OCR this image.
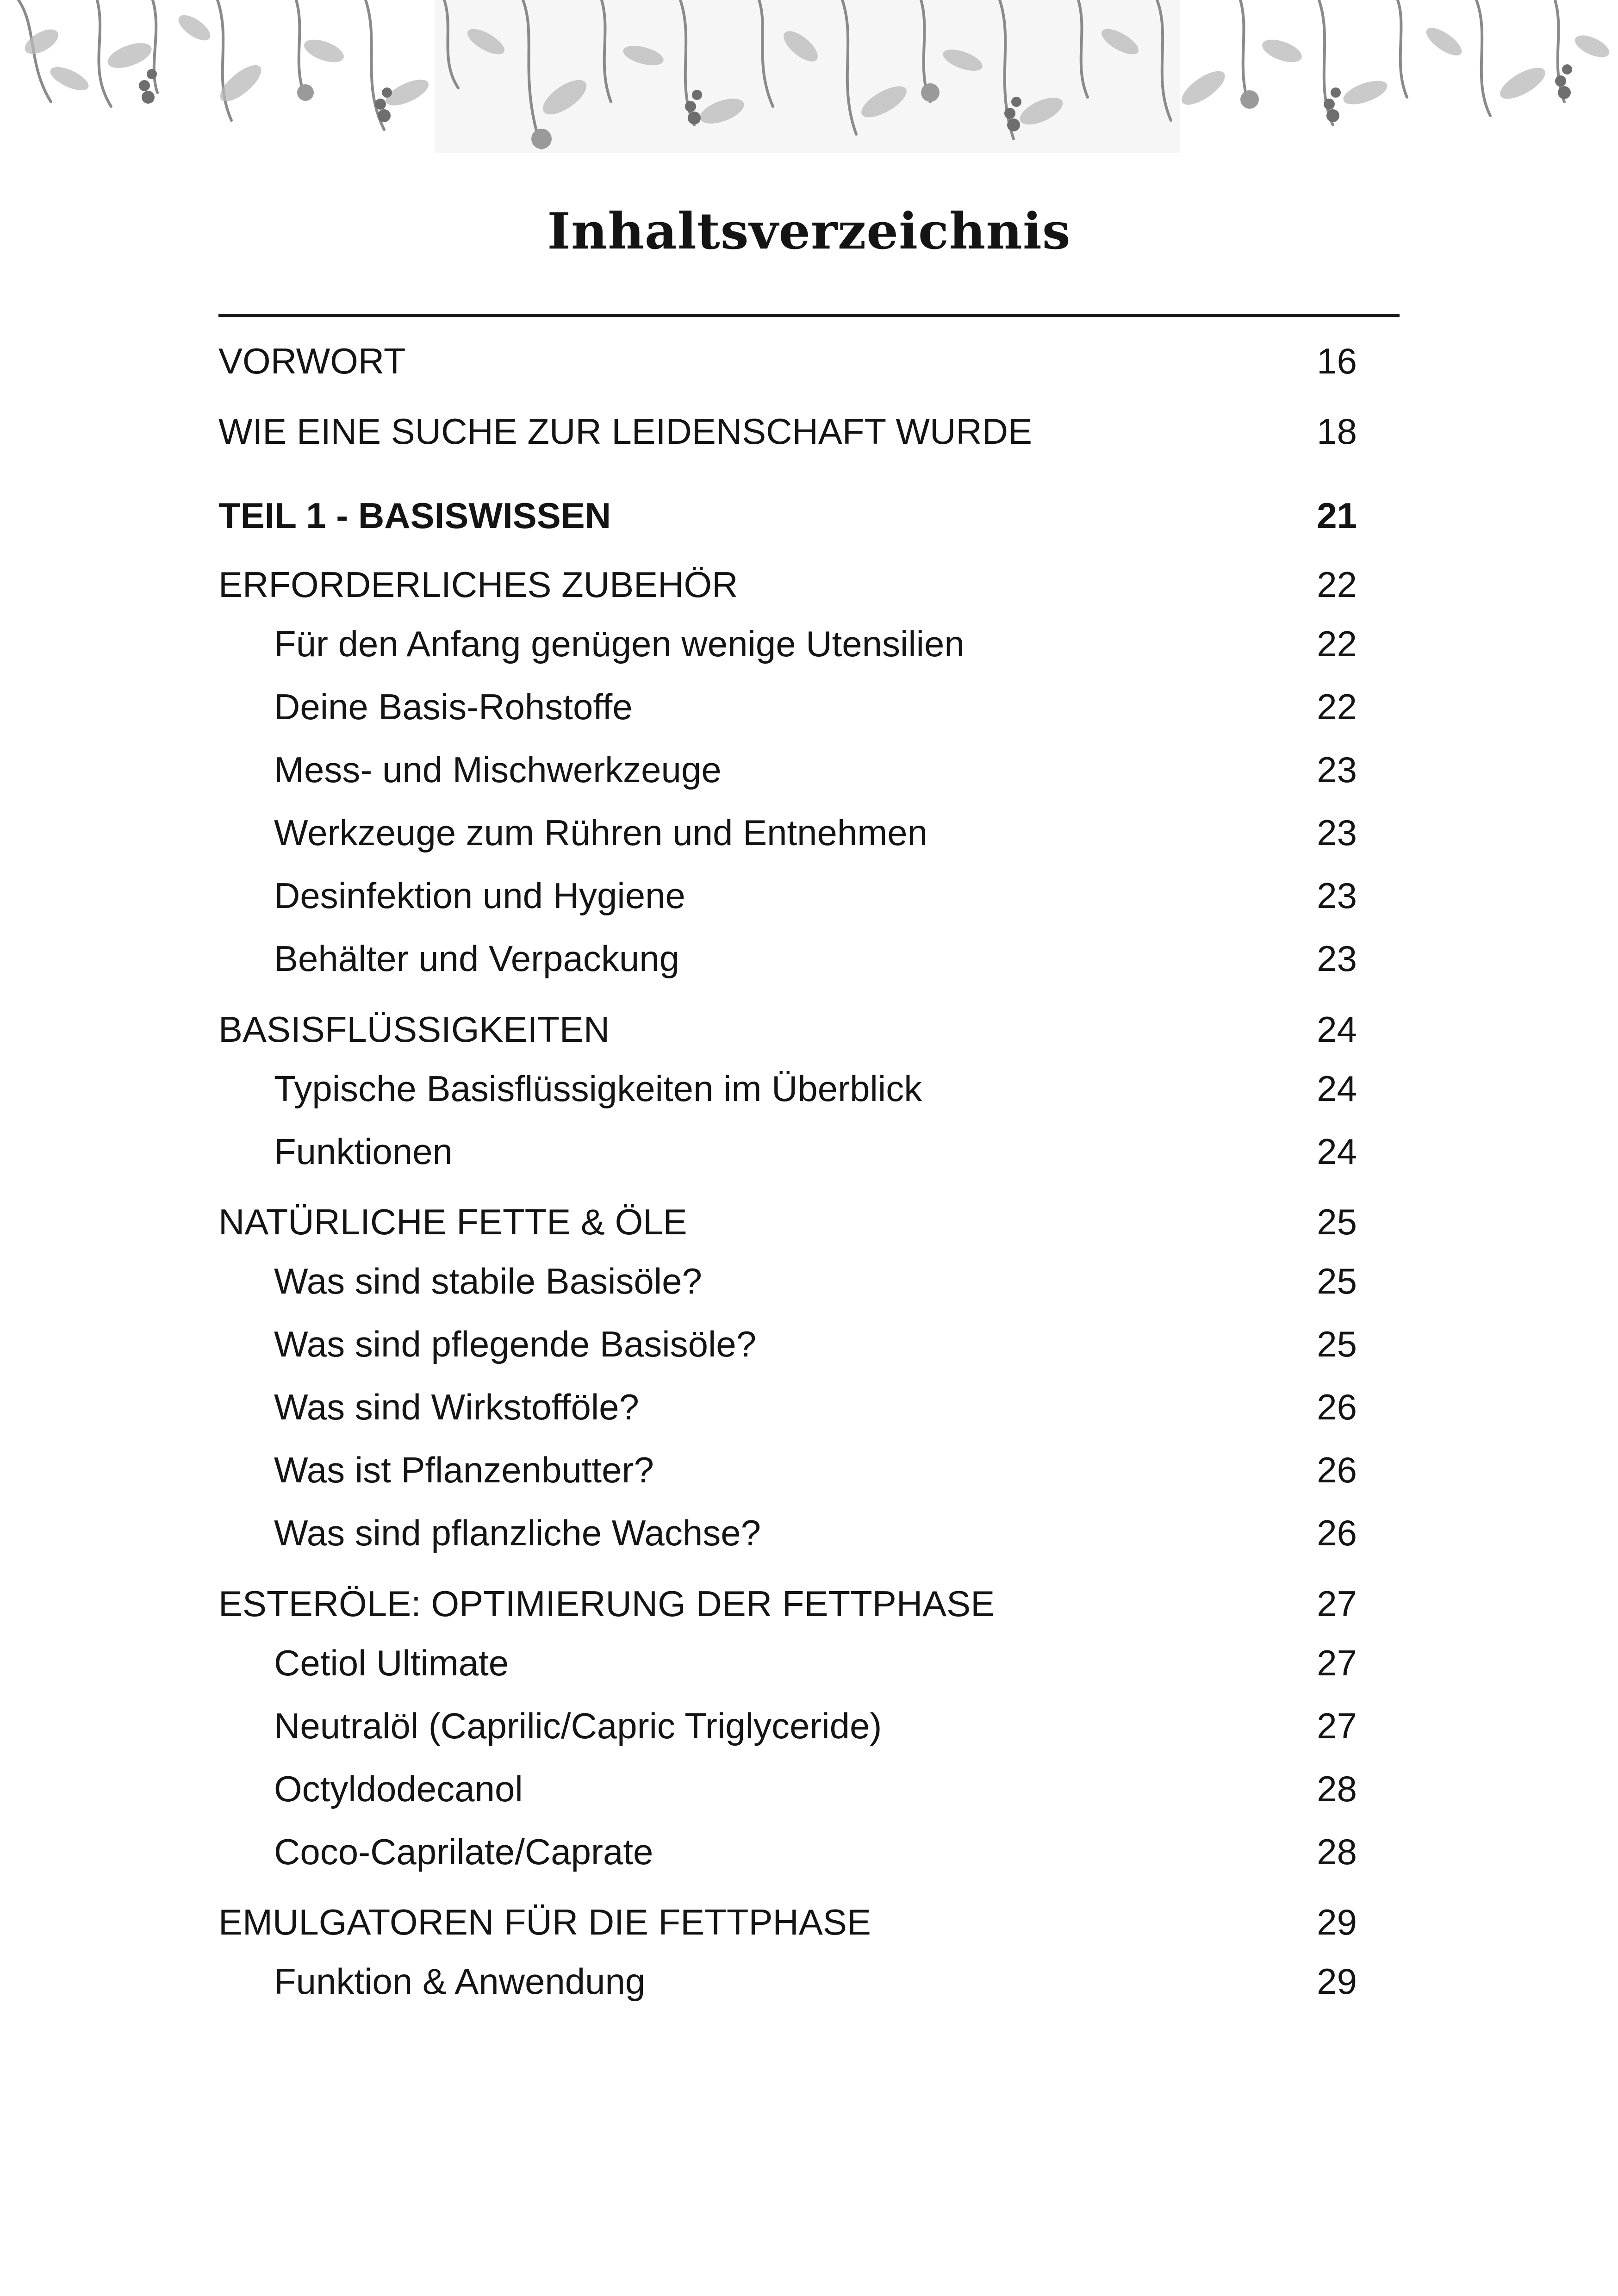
Inhaltsverzeichnis
VORWORT	16
WIE EINE SUCHE ZUR LEIDENSCHAFT WURDE	18
TEIL 1 - BASISWISSEN	21
ERFORDERLICHES ZUBEHÖR	22
Für den Anfang genügen wenige Utensilien	22
Deine Basis-Rohstoffe	22
Mess- und Mischwerkzeuge	23
Werkzeuge zum Rühren und Entnehmen	23
Desinfektion und Hygiene	23
Behälter und Verpackung	23
BASISFLÜSSIGKEITEN	24
Typische Basisflüssigkeiten im Überblick	24
Funktionen	24
NATÜRLICHE FETTE & ÖLE	25
Was sind stabile Basisöle?	25
Was sind pflegende Basisöle?	25
Was sind Wirkstofföle?	26
Was ist Pflanzenbutter?	26
Was sind pflanzliche Wachse?	26
ESTERÖLE: OPTIMIERUNG DER FETTPHASE	27
Cetiol Ultimate	27
Neutralöl (Caprilic/Capric Triglyceride)	27
Octyldodecanol	28
Coco-Caprilate/Caprate	28
EMULGATOREN FÜR DIE FETTPHASE	29
Funktion & Anwendung	29
